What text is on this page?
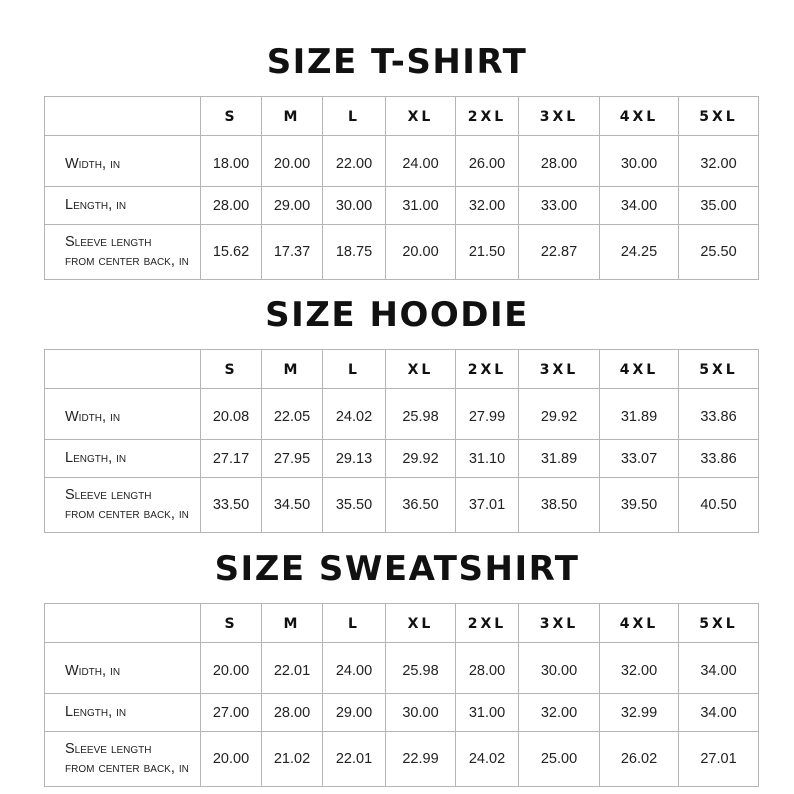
SIZE T-SHIRT
	S	M	L	XL	2XL	3XL	4XL	5XL

Width, in	18.00	20.00	22.00	24.00	26.00	28.00	30.00	32.00

Length, in	28.00	29.00	30.00	31.00	32.00	33.00	34.00	35.00

Sleeve length
from center back, in	15.62	17.37	18.75	20.00	21.50	22.87	24.25	25.50
SIZE HOODIE
	S	M	L	XL	2XL	3XL	4XL	5XL

Width, in	20.08	22.05	24.02	25.98	27.99	29.92	31.89	33.86

Length, in	27.17	27.95	29.13	29.92	31.10	31.89	33.07	33.86

Sleeve length
from center back, in	33.50	34.50	35.50	36.50	37.01	38.50	39.50	40.50
SIZE SWEATSHIRT
	S	M	L	XL	2XL	3XL	4XL	5XL

Width, in	20.00	22.01	24.00	25.98	28.00	30.00	32.00	34.00

Length, in	27.00	28.00	29.00	30.00	31.00	32.00	32.99	34.00

Sleeve length
from center back, in	20.00	21.02	22.01	22.99	24.02	25.00	26.02	27.01
